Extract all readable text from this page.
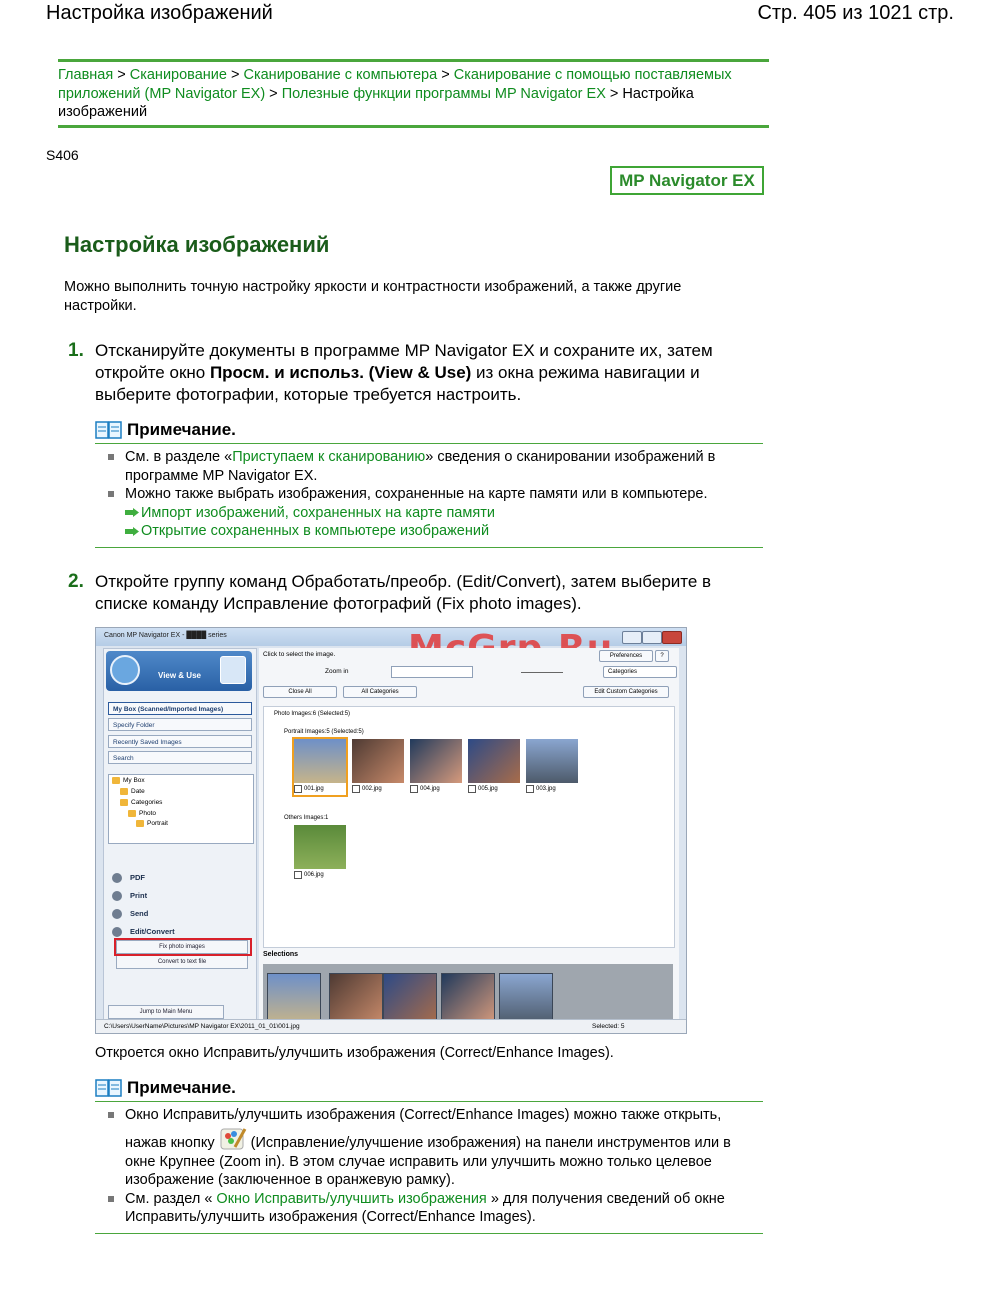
Настройка изображений	Стр. 405 из 1021 стр.
Главная > Сканирование > Сканирование с компьютера > Сканирование с помощью поставляемых приложений (MP Navigator EX) > Полезные функции программы MP Navigator EX > Настройка изображений
S406
MP Navigator EX
Настройка изображений
Можно выполнить точную настройку яркости и контрастности изображений, а также другие настройки.
1. Отсканируйте документы в программе MP Navigator EX и сохраните их, затем откройте окно Просм. и использ. (View & Use) из окна режима навигации и выберите фотографии, которые требуется настроить.
Примечание.
См. в разделе «Приступаем к сканированию» сведения о сканировании изображений в программе MP Navigator EX.
Можно также выбрать изображения, сохраненные на карте памяти или в компьютере.
Импорт изображений, сохраненных на карте памяти
Открытие сохраненных в компьютере изображений
2. Откройте группу команд Обработать/преобр. (Edit/Convert), затем выберите в списке команду Исправление фотографий (Fix photo images).
Canon MP Navigator EX - ████ series
View & Use
My Box (Scanned/Imported Images)
Specify Folder
Recently Saved Images
Search
My Box
Date
Categories
Photo
Portrait
PDF
Print
Send
Edit/Convert
Fix photo images
Convert to text file
Jump to Main Menu
Click to select the image.	Preferences	?
Zoom in	Categories
Close All	All Categories	Edit Custom Categories
Photo Images:6 (Selected:5)
Portrait Images:5 (Selected:5)
001.jpg	002.jpg	004.jpg	005.jpg	003.jpg
Others Images:1
006.jpg
Selections
C:\Users\UserName\Pictures\MP Navigator EX\2011_01_01\001.jpg	Selected: 5
Откроется окно Исправить/улучшить изображения (Correct/Enhance Images).
Примечание.
Окно Исправить/улучшить изображения (Correct/Enhance Images) можно также открыть,
нажав кнопку  (Исправление/улучшение изображения) на панели инструментов или в окне Крупнее (Zoom in). В этом случае исправить или улучшить можно только целевое изображение (заключенное в оранжевую рамку).
См. раздел « Окно Исправить/улучшить изображения » для получения сведений об окне Исправить/улучшить изображения (Correct/Enhance Images).
